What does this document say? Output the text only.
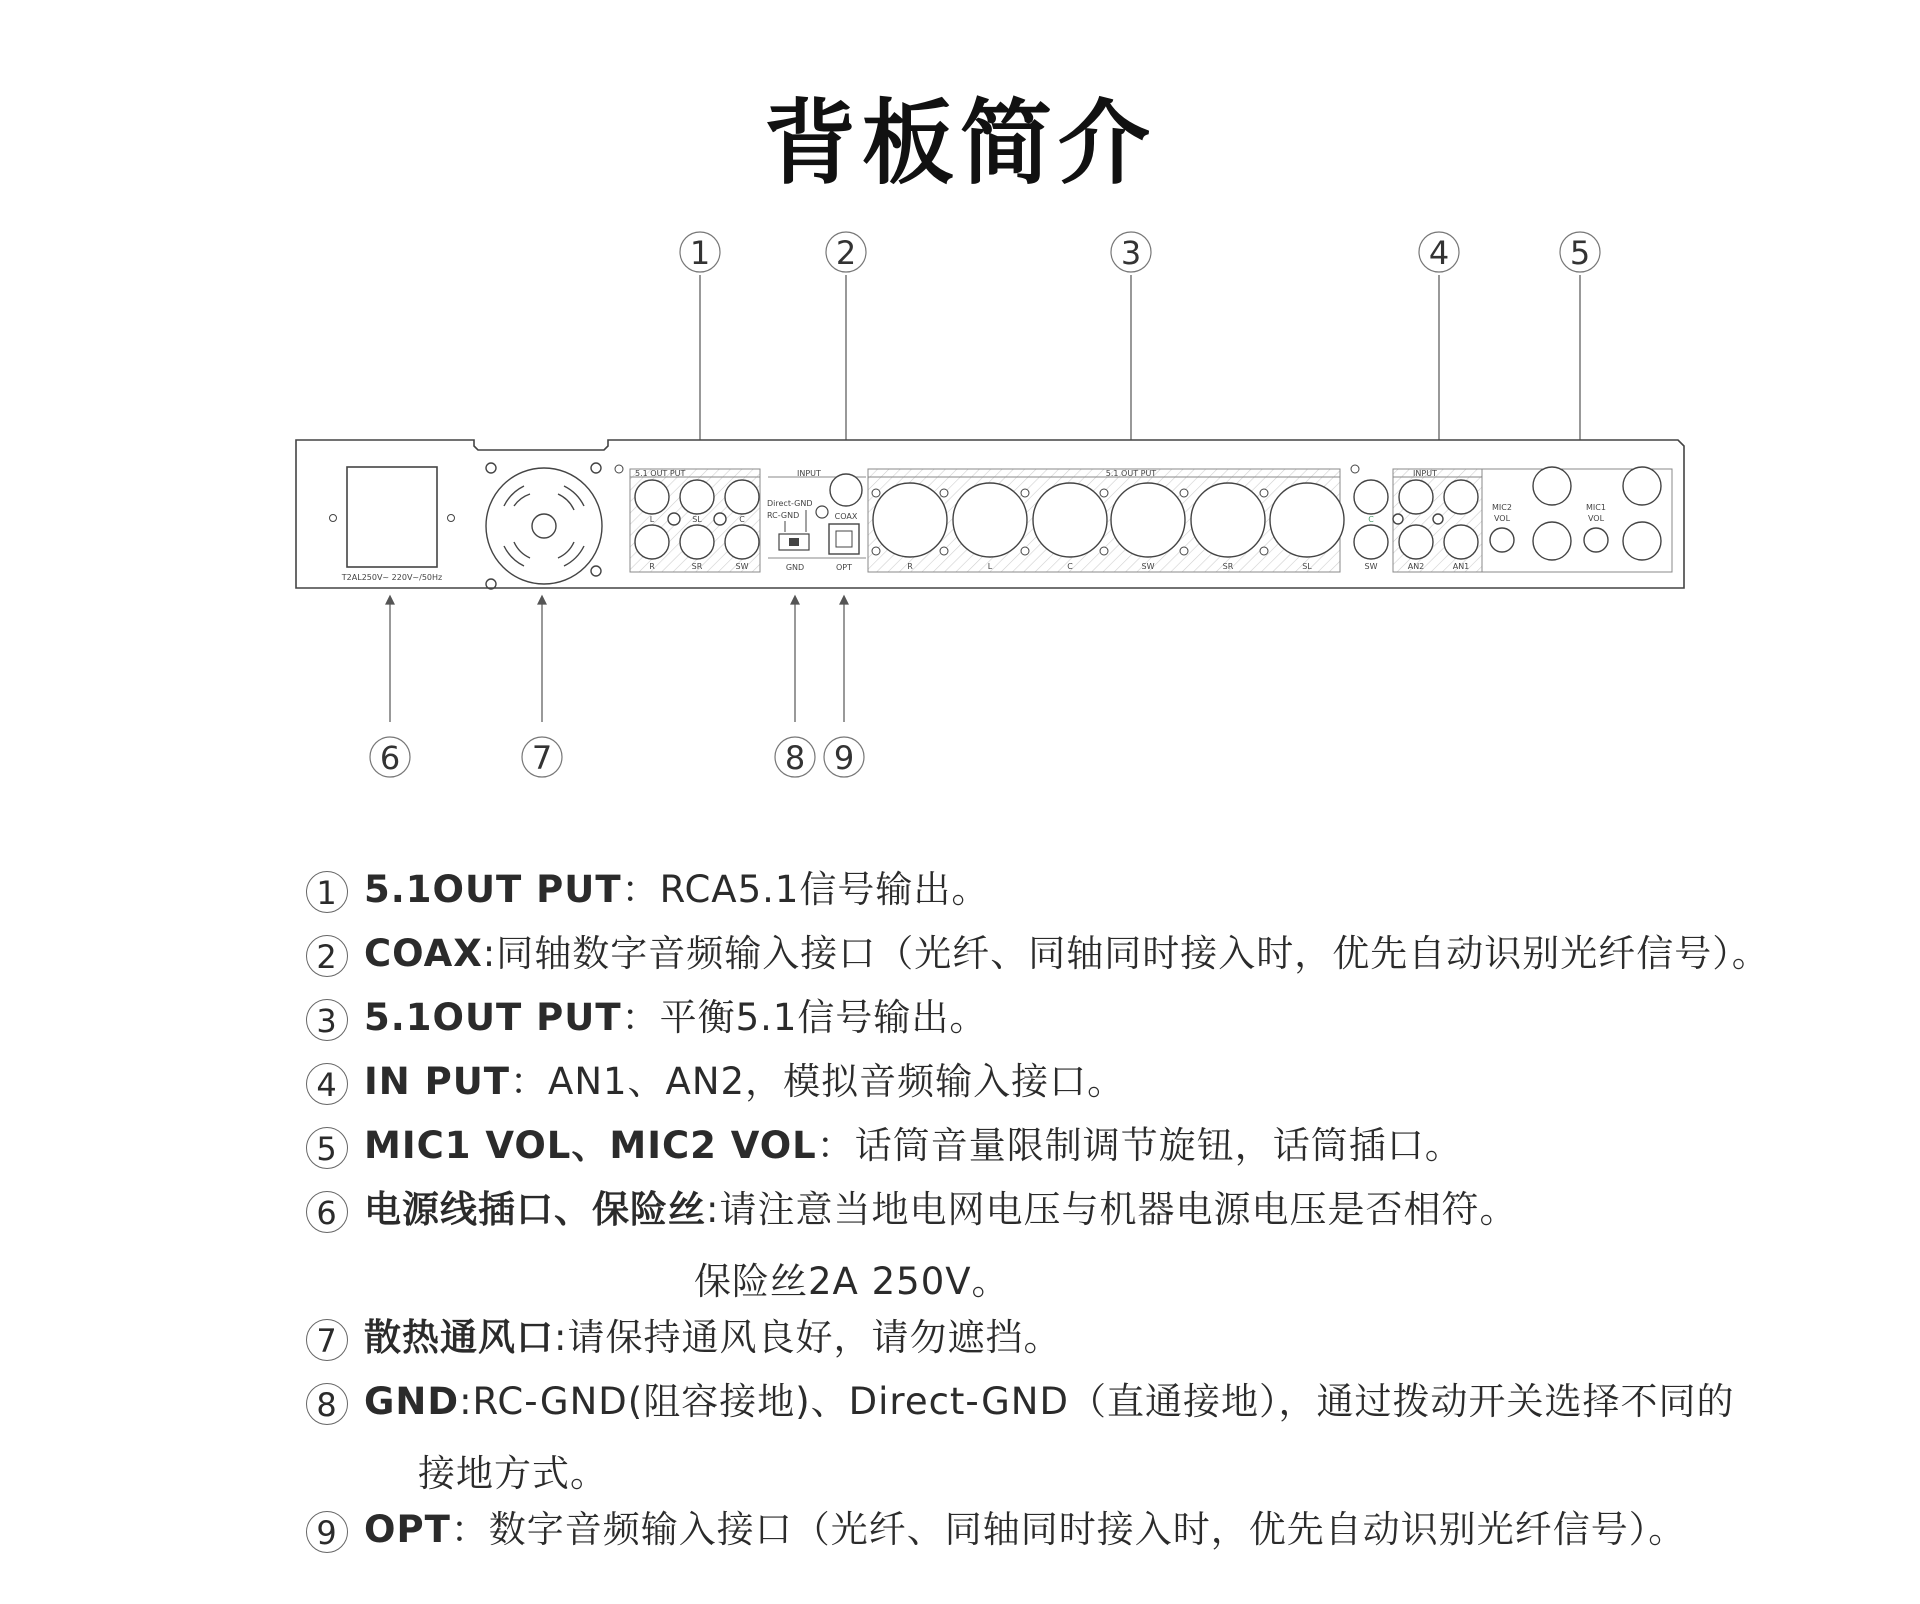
背板简介
1	2	3	4	5
6	7	8 9
T2AL250V~ 220V~/50Hz
5.1 OUT PUT
L	SL	C
R	SR	SW
INPUT
Direct-GND
RC-GND	COAX
GND	OPT
5.1 OUT PUT
R	L	C	SW	SR	SL	SW
C
INPUT
AN2	AN1
MIC2
VOL
MIC1
VOL
1 5.1OUT PUT：RCA5.1信号输出。
2 COAX:同轴数字音频输入接口（光纤、同轴同时接入时，优先自动识别光纤信号）。
3 5.1OUT PUT：平衡5.1信号输出。
4 IN PUT：AN1、AN2，模拟音频输入接口。
5 MIC1 VOL、MIC2 VOL：话筒音量限制调节旋钮，话筒插口。
6 电源线插口、保险丝:请注意当地电网电压与机器电源电压是否相符。
保险丝2A 250V。
7 散热通风口:请保持通风良好，请勿遮挡。
8 GND:RC-GND(阻容接地)、Direct-GND（直通接地），通过拨动开关选择不同的
接地方式。
9 OPT：数字音频输入接口（光纤、同轴同时接入时，优先自动识别光纤信号）。
